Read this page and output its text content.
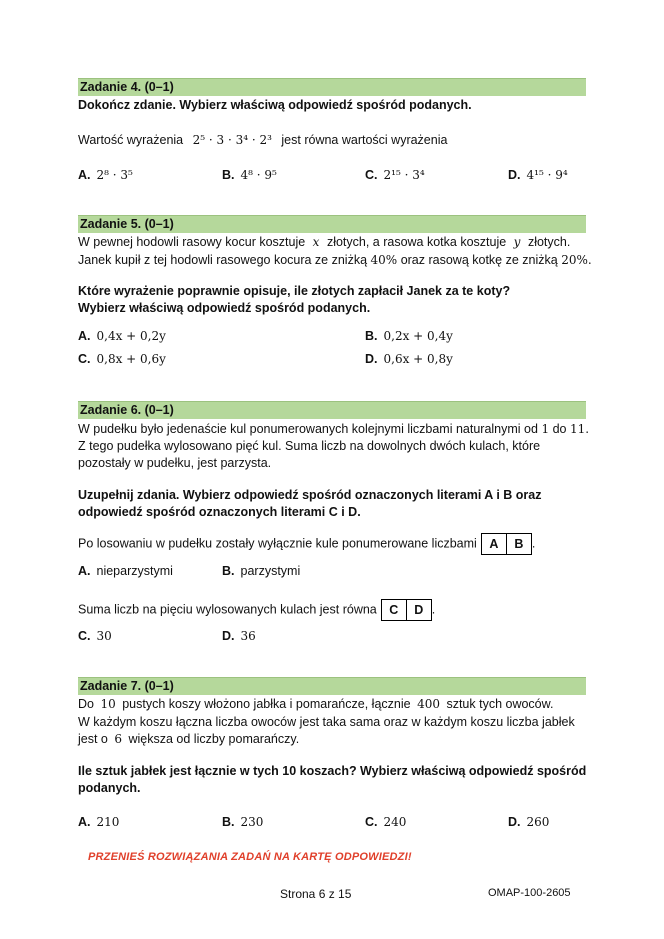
Zadanie 4. (0–1)
Dokończ zdanie. Wybierz właściwą odpowiedź spośród podanych.
Wartość wyrażenia 2⁵ · 3 · 3⁴ · 2³ jest równa wartości wyrażenia
A. 2⁸ · 3⁵	B. 4⁸ · 9⁵	C. 2¹⁵ · 3⁴	D. 4¹⁵ · 9⁴
Zadanie 5. (0–1)
W pewnej hodowli rasowy kocur kosztuje x złotych, a rasowa kotka kosztuje y złotych.
Janek kupił z tej hodowli rasowego kocura ze zniżką 40% oraz rasową kotkę ze zniżką 20%.
Które wyrażenie poprawnie opisuje, ile złotych zapłacił Janek za te koty?
Wybierz właściwą odpowiedź spośród podanych.
A. 0,4x + 0,2y	B. 0,2x + 0,4y
C. 0,8x + 0,6y	D. 0,6x + 0,8y
Zadanie 6. (0–1)
W pudełku było jedenaście kul ponumerowanych kolejnymi liczbami naturalnymi od 1 do 11.
Z tego pudełka wylosowano pięć kul. Suma liczb na dowolnych dwóch kulach, które
pozostały w pudełku, jest parzysta.
Uzupełnij zdania. Wybierz odpowiedź spośród oznaczonych literami A i B oraz
odpowiedź spośród oznaczonych literami C i D.
Po losowaniu w pudełku zostały wyłącznie kule ponumerowane liczbami A	B .
A. nieparzystymi	B. parzystymi
Suma liczb na pięciu wylosowanych kulach jest równa C	D .
C. 30	D. 36
Zadanie 7. (0–1)
Do 10 pustych koszy włożono jabłka i pomarańcze, łącznie 400 sztuk tych owoców.
W każdym koszu łączna liczba owoców jest taka sama oraz w każdym koszu liczba jabłek
jest o 6 większa od liczby pomarańczy.
Ile sztuk jabłek jest łącznie w tych 10 koszach? Wybierz właściwą odpowiedź spośród
podanych.
A. 210	B. 230	C. 240	D. 260
PRZENIEŚ ROZWIĄZANIA ZADAŃ NA KARTĘ ODPOWIEDZI!
Strona 6 z 15	OMAP-100-2605
